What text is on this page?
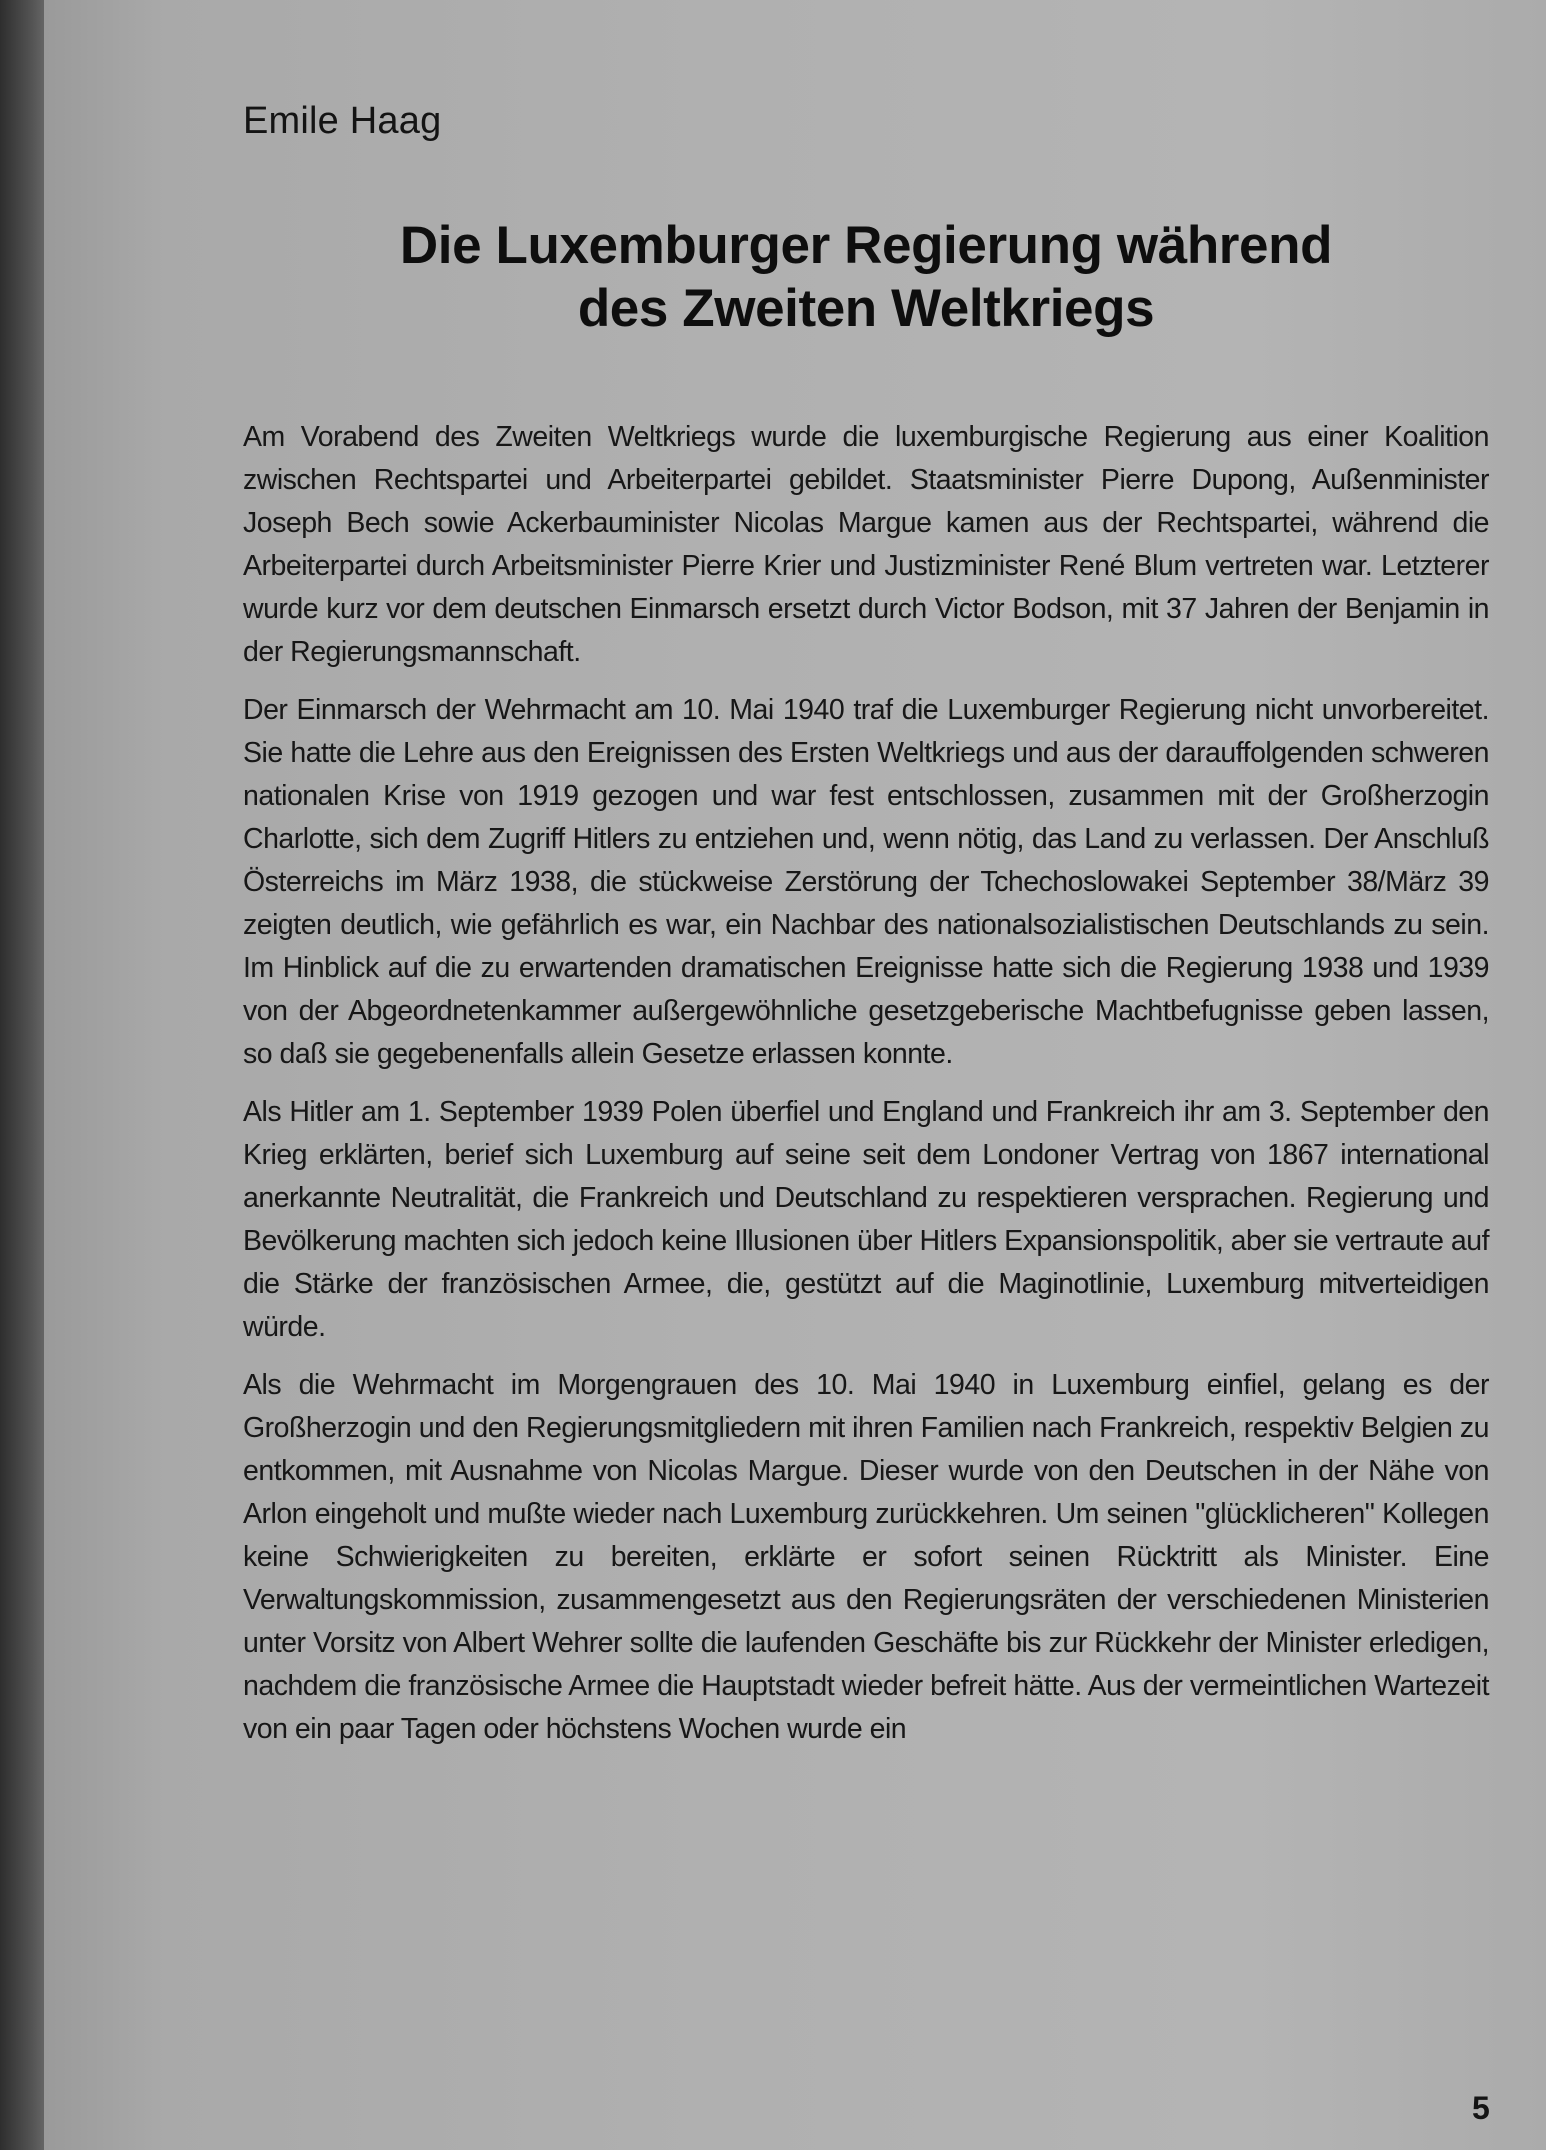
Emile Haag
Die Luxemburger Regierung während
des Zweiten Weltkriegs

Am Vorabend des Zweiten Weltkriegs wurde die luxemburgische Regierung aus einer Koalition zwischen Rechtspartei und Arbeiterpartei gebildet. Staatsminister Pierre Dupong, Außenminister Joseph Bech sowie Ackerbauminister Nicolas Margue kamen aus der Rechtspartei, während die Arbeiterpartei durch Arbeitsminister Pierre Krier und Justizminister René Blum vertreten war. Letzterer wurde kurz vor dem deutschen Einmarsch ersetzt durch Victor Bodson, mit 37 Jahren der Benjamin in der Regierungsmannschaft.

Der Einmarsch der Wehrmacht am 10. Mai 1940 traf die Luxemburger Regierung nicht unvorbereitet. Sie hatte die Lehre aus den Ereignissen des Ersten Weltkriegs und aus der darauffolgenden schweren nationalen Krise von 1919 gezogen und war fest entschlossen, zusammen mit der Großherzogin Charlotte, sich dem Zugriff Hitlers zu entziehen und, wenn nötig, das Land zu verlassen. Der Anschluß Österreichs im März 1938, die stückweise Zerstörung der Tchechoslowakei September 38/März 39 zeigten deutlich, wie gefährlich es war, ein Nachbar des nationalsozialistischen Deutschlands zu sein. Im Hinblick auf die zu erwartenden dramatischen Ereignisse hatte sich die Regierung 1938 und 1939 von der Abgeordnetenkammer außergewöhnliche gesetzgeberische Machtbefugnisse geben lassen, so daß sie gegebenenfalls allein Gesetze erlassen konnte.

Als Hitler am 1. September 1939 Polen überfiel und England und Frankreich ihr am 3. September den Krieg erklärten, berief sich Luxemburg auf seine seit dem Londoner Vertrag von 1867 international anerkannte Neutralität, die Frankreich und Deutschland zu respektieren versprachen. Regierung und Bevölkerung machten sich jedoch keine Illusionen über Hitlers Expansionspolitik, aber sie vertraute auf die Stärke der französischen Armee, die, gestützt auf die Maginotlinie, Luxemburg mitverteidigen würde.

Als die Wehrmacht im Morgengrauen des 10. Mai 1940 in Luxemburg einfiel, gelang es der Großherzogin und den Regierungsmitgliedern mit ihren Familien nach Frankreich, respektiv Belgien zu entkommen, mit Ausnahme von Nicolas Margue. Dieser wurde von den Deutschen in der Nähe von Arlon eingeholt und mußte wieder nach Luxemburg zurückkehren. Um seinen "glücklicheren" Kollegen keine Schwierigkeiten zu bereiten, erklärte er sofort seinen Rücktritt als Minister. Eine Verwaltungskommission, zusammengesetzt aus den Regierungsräten der verschiedenen Ministerien unter Vorsitz von Albert Wehrer sollte die laufenden Geschäfte bis zur Rückkehr der Minister erledigen, nachdem die französische Armee die Hauptstadt wieder befreit hätte. Aus der vermeintlichen Wartezeit von ein paar Tagen oder höchstens Wochen wurde ein

5
